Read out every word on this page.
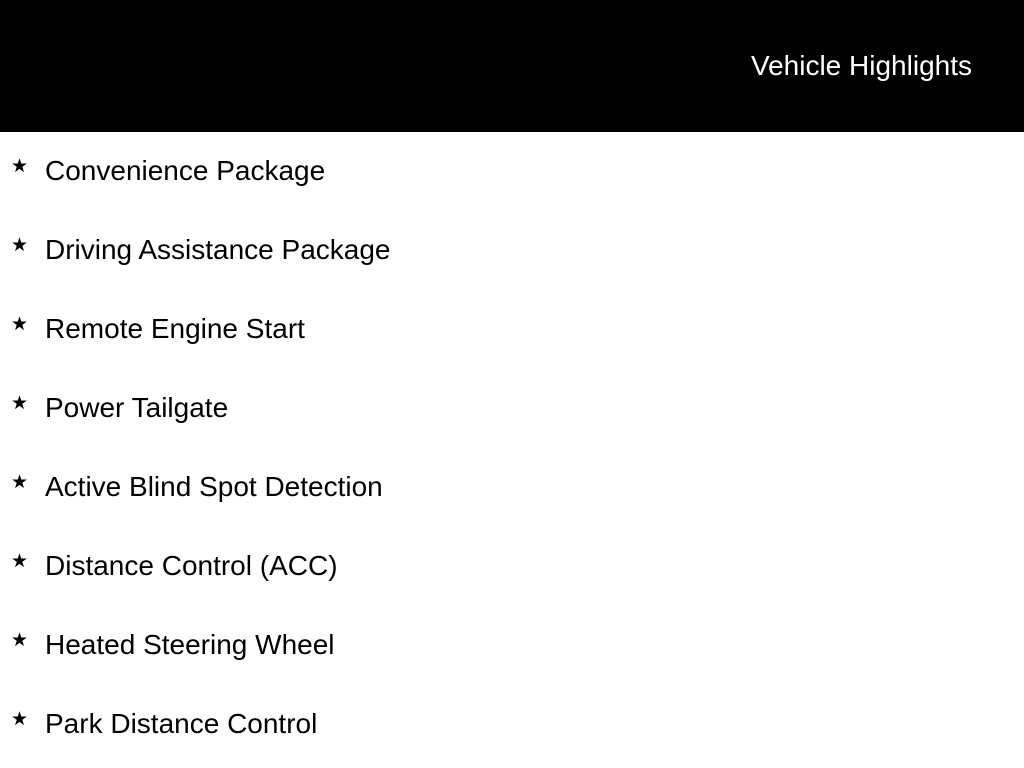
Vehicle Highlights
★ Convenience Package
★ Driving Assistance Package
★ Remote Engine Start
★ Power Tailgate
★ Active Blind Spot Detection
★ Distance Control (ACC)
★ Heated Steering Wheel
★ Park Distance Control
